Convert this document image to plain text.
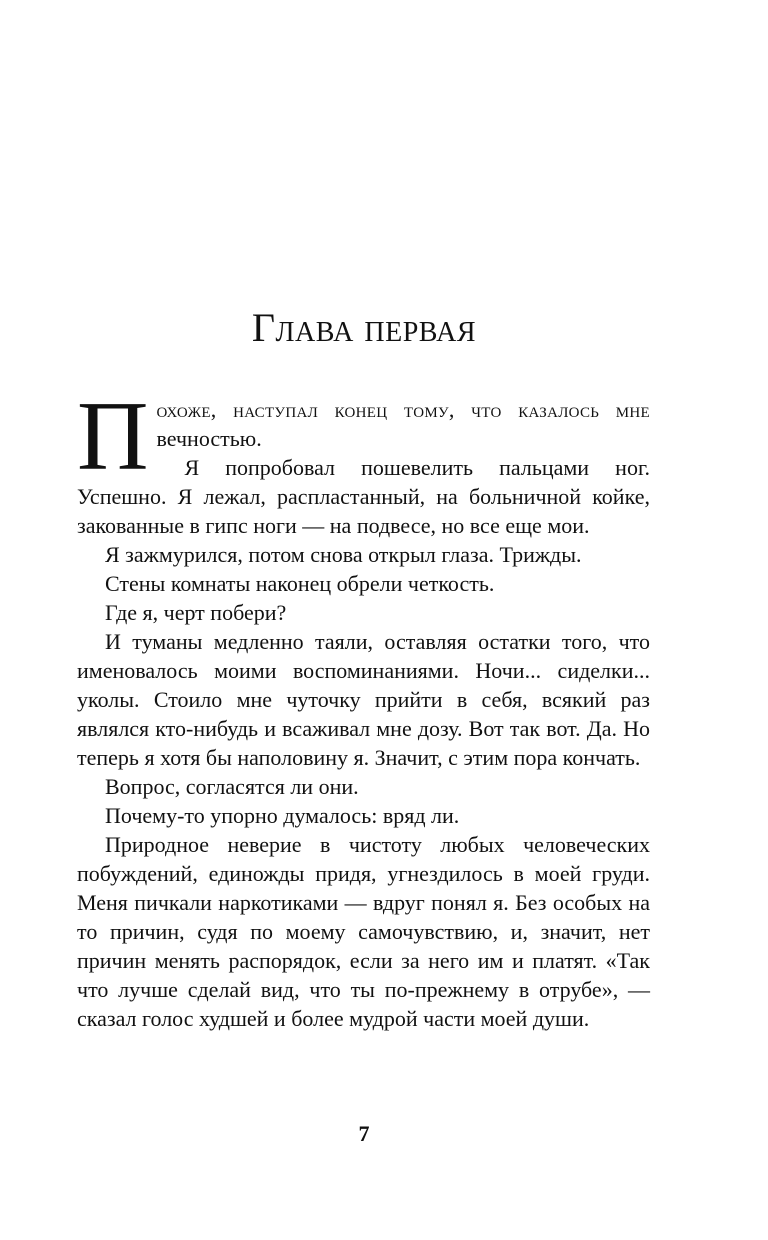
Глава первая

Похоже, наступал конец тому, что казалось мне вечностью.

Я попробовал пошевелить пальцами ног. Успешно. Я лежал, распластанный, на больничной койке, закованные в гипс ноги — на подвесе, но все еще мои.

Я зажмурился, потом снова открыл глаза. Трижды.

Стены комнаты наконец обрели четкость.

Где я, черт побери?

И туманы медленно таяли, оставляя остатки того, что именовалось моими воспоминаниями. Ночи... сиделки... уколы. Стоило мне чуточку прийти в себя, всякий раз являлся кто-нибудь и всаживал мне дозу. Вот так вот. Да. Но теперь я хотя бы наполовину я. Значит, с этим пора кончать.

Вопрос, согласятся ли они.

Почему-то упорно думалось: вряд ли.

Природное неверие в чистоту любых человеческих побуждений, единожды придя, угнездилось в моей груди. Меня пичкали наркотиками — вдруг понял я. Без особых на то причин, судя по моему самочувствию, и, значит, нет причин менять распорядок, если за него им и платят. «Так что лучше сделай вид, что ты по-прежнему в отрубе», — сказал голос худшей и более мудрой части моей души.

7
